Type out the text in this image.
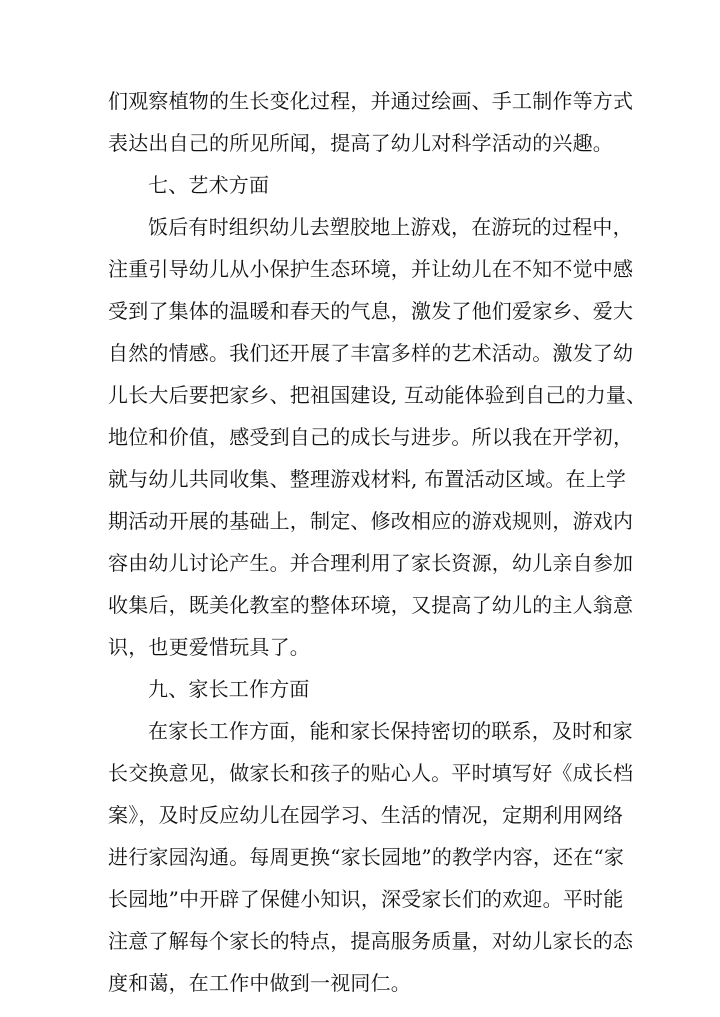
们观察植物的生长变化过程，并通过绘画、手工制作等方式
表达出自己的所见所闻，提高了幼儿对科学活动的兴趣。
七、艺术方面
饭后有时组织幼儿去塑胶地上游戏，在游玩的过程中，
注重引导幼儿从小保护生态环境，并让幼儿在不知不觉中感
受到了集体的温暖和春天的气息，激发了他们爱家乡、爱大
自然的情感。我们还开展了丰富多样的艺术活动。激发了幼
儿长大后要把家乡、把祖国建设, 互动能体验到自己的力量、
地位和价值，感受到自己的成长与进步。所以我在开学初，
就与幼儿共同收集、整理游戏材料, 布置活动区域。在上学
期活动开展的基础上，制定、修改相应的游戏规则，游戏内
容由幼儿讨论产生。并合理利用了家长资源，幼儿亲自参加
收集后，既美化教室的整体环境，又提高了幼儿的主人翁意
识，也更爱惜玩具了。
九、家长工作方面
在家长工作方面，能和家长保持密切的联系，及时和家
长交换意见，做家长和孩子的贴心人。平时填写好《成长档
案》，及时反应幼儿在园学习、生活的情况，定期利用网络
进行家园沟通。每周更换“家长园地”的教学内容，还在“家
长园地”中开辟了保健小知识，深受家长们的欢迎。平时能
注意了解每个家长的特点，提高服务质量，对幼儿家长的态
度和蔼，在工作中做到一视同仁。
